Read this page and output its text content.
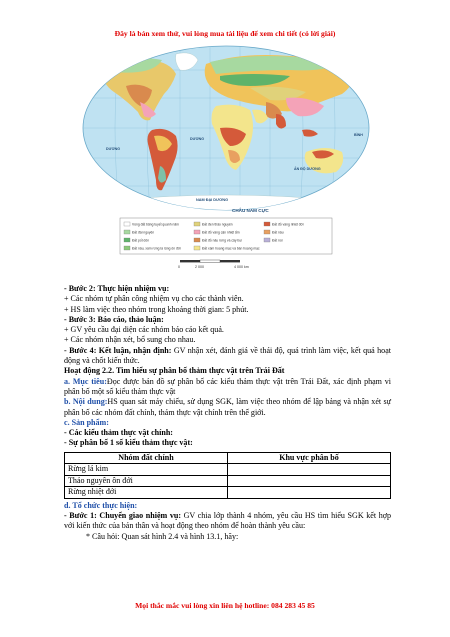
Đây là bản xem thử, vui lòng mua tài liệu để xem chi tiết (có lời giải)
ẤN ĐỘ DƯƠNG
DƯƠNG
BÌNH
DƯƠNG
NAM ĐẠI DƯƠNG
CHÂU NAM CỰC
Vùng đất băng tuyết quanh năm
Đất đài nguyên
Đất pốt dôn
Đất nâu, xám rừng lá rộng ôn đới
Đất đen thảo nguyên
Đất đỏ vàng cận nhiệt ẩm
Đất đỏ nâu rừng và cây bụi
Đất xám hoang mạc và bán hoang mạc
Đất đỏ vàng nhiệt đới
Đất nâu
Đất núi
0	2 000	4 000 km

- Bước 2: Thực hiện nhiệm vụ:

+ Các nhóm tự phân công nhiệm vụ cho các thành viên.

+ HS làm việc theo nhóm trong khoảng thời gian: 5 phút.

- Bước 3: Báo cáo, thảo luận:

+ GV yêu cầu đại diện các nhóm báo cáo kết quả.

+ Các nhóm nhận xét, bổ sung cho nhau.

- Bước 4: Kết luận, nhận định: GV nhận xét, đánh giá về thái độ, quá trình làm việc, kết quả hoạt động và chốt kiến thức.

Hoạt động 2.2. Tìm hiểu sự phân bố thảm thực vật trên Trái Đất

a. Mục tiêu:Đọc được bản đồ sự phân bố các kiểu thảm thực vật trên Trái Đất, xác định phạm vi phân bố một số kiểu thảm thực vật

b. Nội dung:HS quan sát máy chiếu, sử dụng SGK, làm việc theo nhóm để lập bảng và nhận xét sự phân bố các nhóm đất chính, thảm thực vật chính trên thế giới.

c. Sản phẩm:

- Các kiểu thảm thực vật chính:

- Sự phân bố 1 số kiểu thảm thực vật:

Nhóm đất chính	Khu vực phân bố
Rừng lá kim	
Thảo nguyên ôn đới	
Rừng nhiệt đới	

d. Tổ chức thực hiện:

- Bước 1: Chuyển giao nhiệm vụ: GV chia lớp thành 4 nhóm, yêu cầu HS tìm hiểu SGK kết hợp với kiến thức của bản thân và hoạt động theo nhóm để hoàn thành yêu cầu:

* Câu hỏi: Quan sát hình 2.4 và hình 13.1, hãy:

Mọi thắc mắc vui lòng xin liên hệ hotline: 084 283 45 85
